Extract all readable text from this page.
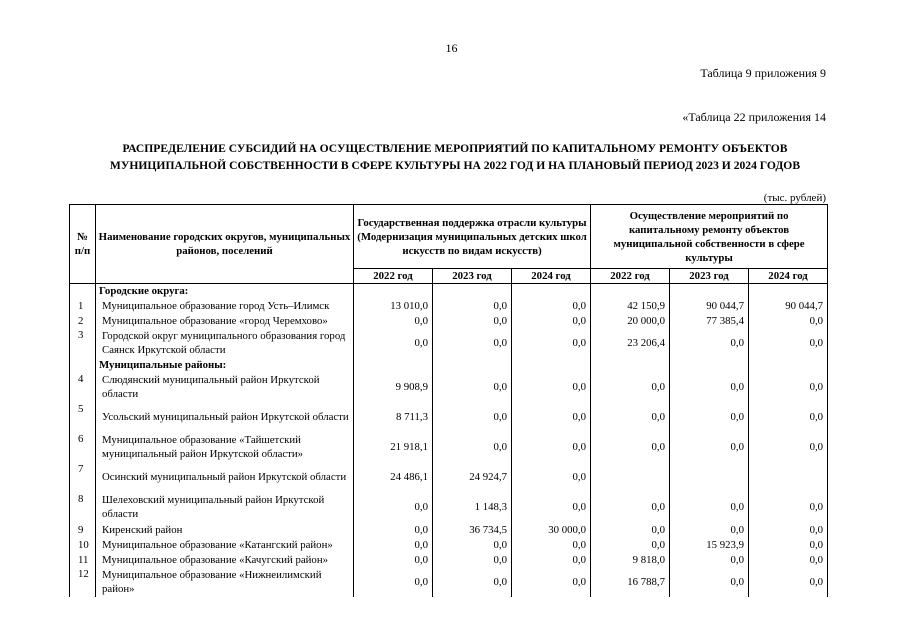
16
Таблица 9 приложения 9
«Таблица 22 приложения 14
РАСПРЕДЕЛЕНИЕ СУБСИДИЙ НА ОСУЩЕСТВЛЕНИЕ МЕРОПРИЯТИЙ ПО КАПИТАЛЬНОМУ РЕМОНТУ ОБЪЕКТОВ
МУНИЦИПАЛЬНОЙ СОБСТВЕННОСТИ В СФЕРЕ КУЛЬТУРЫ НА 2022 ГОД И НА ПЛАНОВЫЙ ПЕРИОД 2023 И 2024 ГОДОВ
(тыс. рублей)
№ п/п	Наименование городских округов, муниципальных районов, поселений	Государственная поддержка отрасли культуры (Модернизация муниципальных детских школ искусств по видам искусств)			Осуществление мероприятий по капитальному ремонту объектов муниципальной собственности в сфере культуры		
		2022 год	2023 год	2024 год	2022 год	2023 год	2024 год
	Городские округа:						
1	Муниципальное образование город Усть–Илимск	13 010,0	0,0	0,0	42 150,9	90 044,7	90 044,7
2	Муниципальное образование «город Черемхово»	0,0	0,0	0,0	20 000,0	77 385,4	0,0
3	Городской округ муниципального образования город Саянск Иркутской области	0,0	0,0	0,0	23 206,4	0,0	0,0
	Муниципальные районы:						
4	Слюдянский муниципальный район Иркутской области	9 908,9	0,0	0,0	0,0	0,0	0,0
5	Усольский муниципальный район Иркутской области	8 711,3	0,0	0,0	0,0	0,0	0,0
6	Муниципальное образование «Тайшетский муниципальный район Иркутской области»	21 918,1	0,0	0,0	0,0	0,0	0,0
7	Осинский муниципальный район Иркутской области	24 486,1	24 924,7	0,0			
8	Шелеховский муниципальный район Иркутской области	0,0	1 148,3	0,0	0,0	0,0	0,0
9	Киренский район	0,0	36 734,5	30 000,0	0,0	0,0	0,0
10	Муниципальное образование «Катангский район»	0,0	0,0	0,0	0,0	15 923,9	0,0
11	Муниципальное образование «Качугский район»	0,0	0,0	0,0	9 818,0	0,0	0,0
12	Муниципальное образование «Нижнеилимский район»	0,0	0,0	0,0	16 788,7	0,0	0,0
